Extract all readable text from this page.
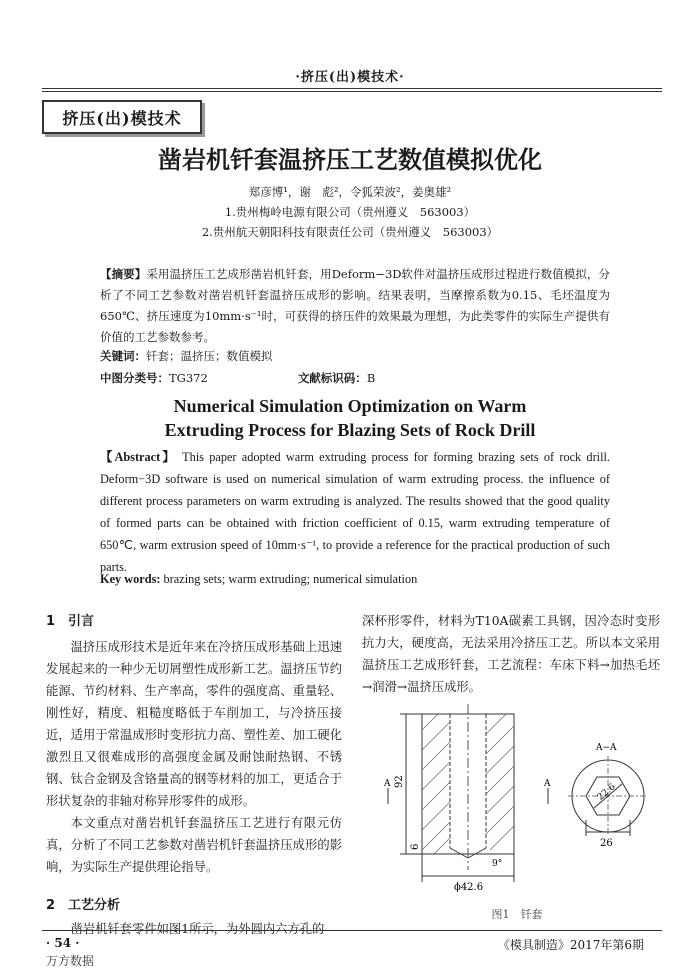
·挤压(出)模技术·
挤压(出)模技术
凿岩机钎套温挤压工艺数值模拟优化
郑彦博¹，谢　彪²，令狐荣波²，姜奥雄²
1.贵州梅岭电源有限公司（贵州遵义　563003）
2.贵州航天朝阳科技有限责任公司（贵州遵义　563003）
【摘要】采用温挤压工艺成形凿岩机钎套，用Deform−3D软件对温挤压成形过程进行数值模拟，分析了不同工艺参数对凿岩机钎套温挤压成形的影响。结果表明，当摩擦系数为0.15、毛坯温度为650℃、挤压速度为10mm·s⁻¹时，可获得的挤压件的效果最为理想，为此类零件的实际生产提供有价值的工艺参数参考。
关键词：钎套；温挤压；数值模拟
中图分类号：TG372	文献标识码：B
Numerical Simulation Optimization on Warm
Extruding Process for Blazing Sets of Rock Drill
【Abstract】 This paper adopted warm extruding process for forming brazing sets of rock drill. Deform−3D software is used on numerical simulation of warm extruding process. the influence of different process parameters on warm extruding is analyzed. The results showed that the good quality of formed parts can be obtained with friction coefficient of 0.15, warm extruding temperature of 650℃, warm extrusion speed of 10mm·s⁻¹, to provide a reference for the practical production of such parts.
Key words: brazing sets; warm extruding; numerical simulation
1　引言

温挤压成形技术是近年来在冷挤压成形基础上迅速发展起来的一种少无切屑塑性成形新工艺。温挤压节约能源、节约材料、生产率高，零件的强度高、重量轻、刚性好，精度、粗糙度略低于车削加工，与冷挤压接近，适用于常温成形时变形抗力高、塑性差、加工硬化激烈且又很难成形的高强度金属及耐蚀耐热钢、不锈钢、钛合金钢及含铬量高的钢等材料的加工，更适合于形状复杂的非轴对称异形零件的成形。

本文重点对凿岩机钎套温挤压工艺进行有限元仿真，分析了不同工艺参数对凿岩机钎套温挤压成形的影响，为实际生产提供理论指导。

2　工艺分析

凿岩机钎套零件如图1所示，为外圆内六方孔的

深杯形零件，材料为T10A碳素工具钢，因冷态时变形抗力大，硬度高，无法采用冷挤压工艺。所以本文采用温挤压工艺成形钎套，工艺流程：车床下料→加热毛坯→润滑→温挤压成形。
92
6
ϕ42.6
9°
A	A
A−A
22.6
26
图1　钎套
· 54 ·	《模具制造》2017年第6期
万方数据
